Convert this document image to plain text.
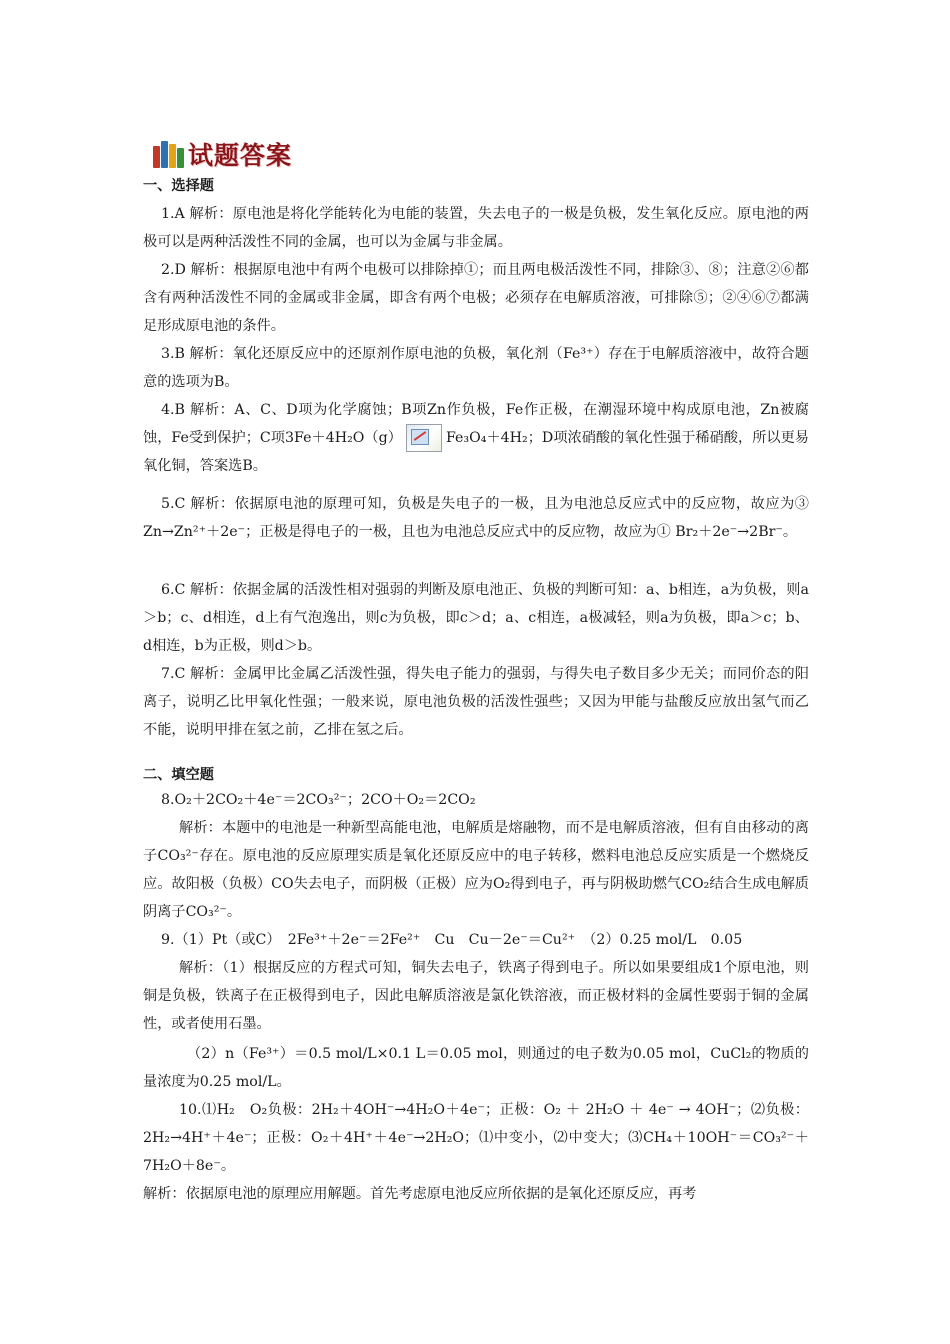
试题答案
一、选择题

1.A 解析：原电池是将化学能转化为电能的装置，失去电子的一极是负极，发生氧化反应。原电池的两极可以是两种活泼性不同的金属，也可以为金属与非金属。

2.D 解析：根据原电池中有两个电极可以排除掉①；而且两电极活泼性不同，排除③、⑧；注意②⑥都含有两种活泼性不同的金属或非金属，即含有两个电极；必须存在电解质溶液，可排除⑤；②④⑥⑦都满足形成原电池的条件。

3.B 解析：氧化还原反应中的还原剂作原电池的负极，氧化剂（Fe³⁺）存在于电解质溶液中，故符合题意的选项为B。

4.B 解析：A、C、D项为化学腐蚀；B项Zn作负极，Fe作正极，在潮湿环境中构成原电池，Zn被腐蚀，Fe受到保护；C项3Fe＋4H₂O（g）	Fe₃O₄＋4H₂；D项浓硝酸的氧化性强于稀硝酸，所以更易氧化铜，答案选B。

5.C 解析：依据原电池的原理可知，负极是失电子的一极，且为电池总反应式中的反应物，故应为③ Zn→Zn²⁺＋2e⁻；正极是得电子的一极，且也为电池总反应式中的反应物，故应为① Br₂＋2e⁻→2Br⁻。

6.C 解析：依据金属的活泼性相对强弱的判断及原电池正、负极的判断可知：a、b相连，a为负极，则a＞b；c、d相连，d上有气泡逸出，则c为负极，即c＞d；a、c相连，a极减轻，则a为负极，即a＞c；b、d相连，b为正极，则d＞b。

7.C 解析：金属甲比金属乙活泼性强，得失电子能力的强弱，与得失电子数目多少无关；而同价态的阳离子，说明乙比甲氧化性强；一般来说，原电池负极的活泼性强些；又因为甲能与盐酸反应放出氢气而乙不能，说明甲排在氢之前，乙排在氢之后。

二、填空题

8.O₂＋2CO₂＋4e⁻＝2CO₃²⁻；2CO＋O₂＝2CO₂

解析：本题中的电池是一种新型高能电池，电解质是熔融物，而不是电解质溶液，但有自由移动的离子CO₃²⁻存在。原电池的反应原理实质是氧化还原反应中的电子转移，燃料电池总反应实质是一个燃烧反应。故阳极（负极）CO失去电子，而阴极（正极）应为O₂得到电子，再与阴极助燃气CO₂结合生成电解质阴离子CO₃²⁻。

9.（1）Pt（或C）　2Fe³⁺＋2e⁻＝2Fe²⁺　Cu　Cu－2e⁻＝Cu²⁺　（2）0.25 mol/L　0.05

解析：（1）根据反应的方程式可知，铜失去电子，铁离子得到电子。所以如果要组成1个原电池，则铜是负极，铁离子在正极得到电子，因此电解质溶液是氯化铁溶液，而正极材料的金属性要弱于铜的金属性，或者使用石墨。

（2）n（Fe³⁺）＝0.5 mol/L×0.1 L＝0.05 mol，则通过的电子数为0.05 mol，CuCl₂的物质的量浓度为0.25 mol/L。

10.⑴H₂　O₂负极：2H₂＋4OH⁻→4H₂O＋4e⁻；正极：O₂ ＋ 2H₂O ＋ 4e⁻ → 4OH⁻；⑵负极：2H₂→4H⁺＋4e⁻；正极：O₂＋4H⁺＋4e⁻→2H₂O；⑴中变小，⑵中变大；⑶CH₄＋10OH⁻＝CO₃²⁻＋7H₂O＋8e⁻。

解析：依据原电池的原理应用解题。首先考虑原电池反应所依据的是氧化还原反应，再考
